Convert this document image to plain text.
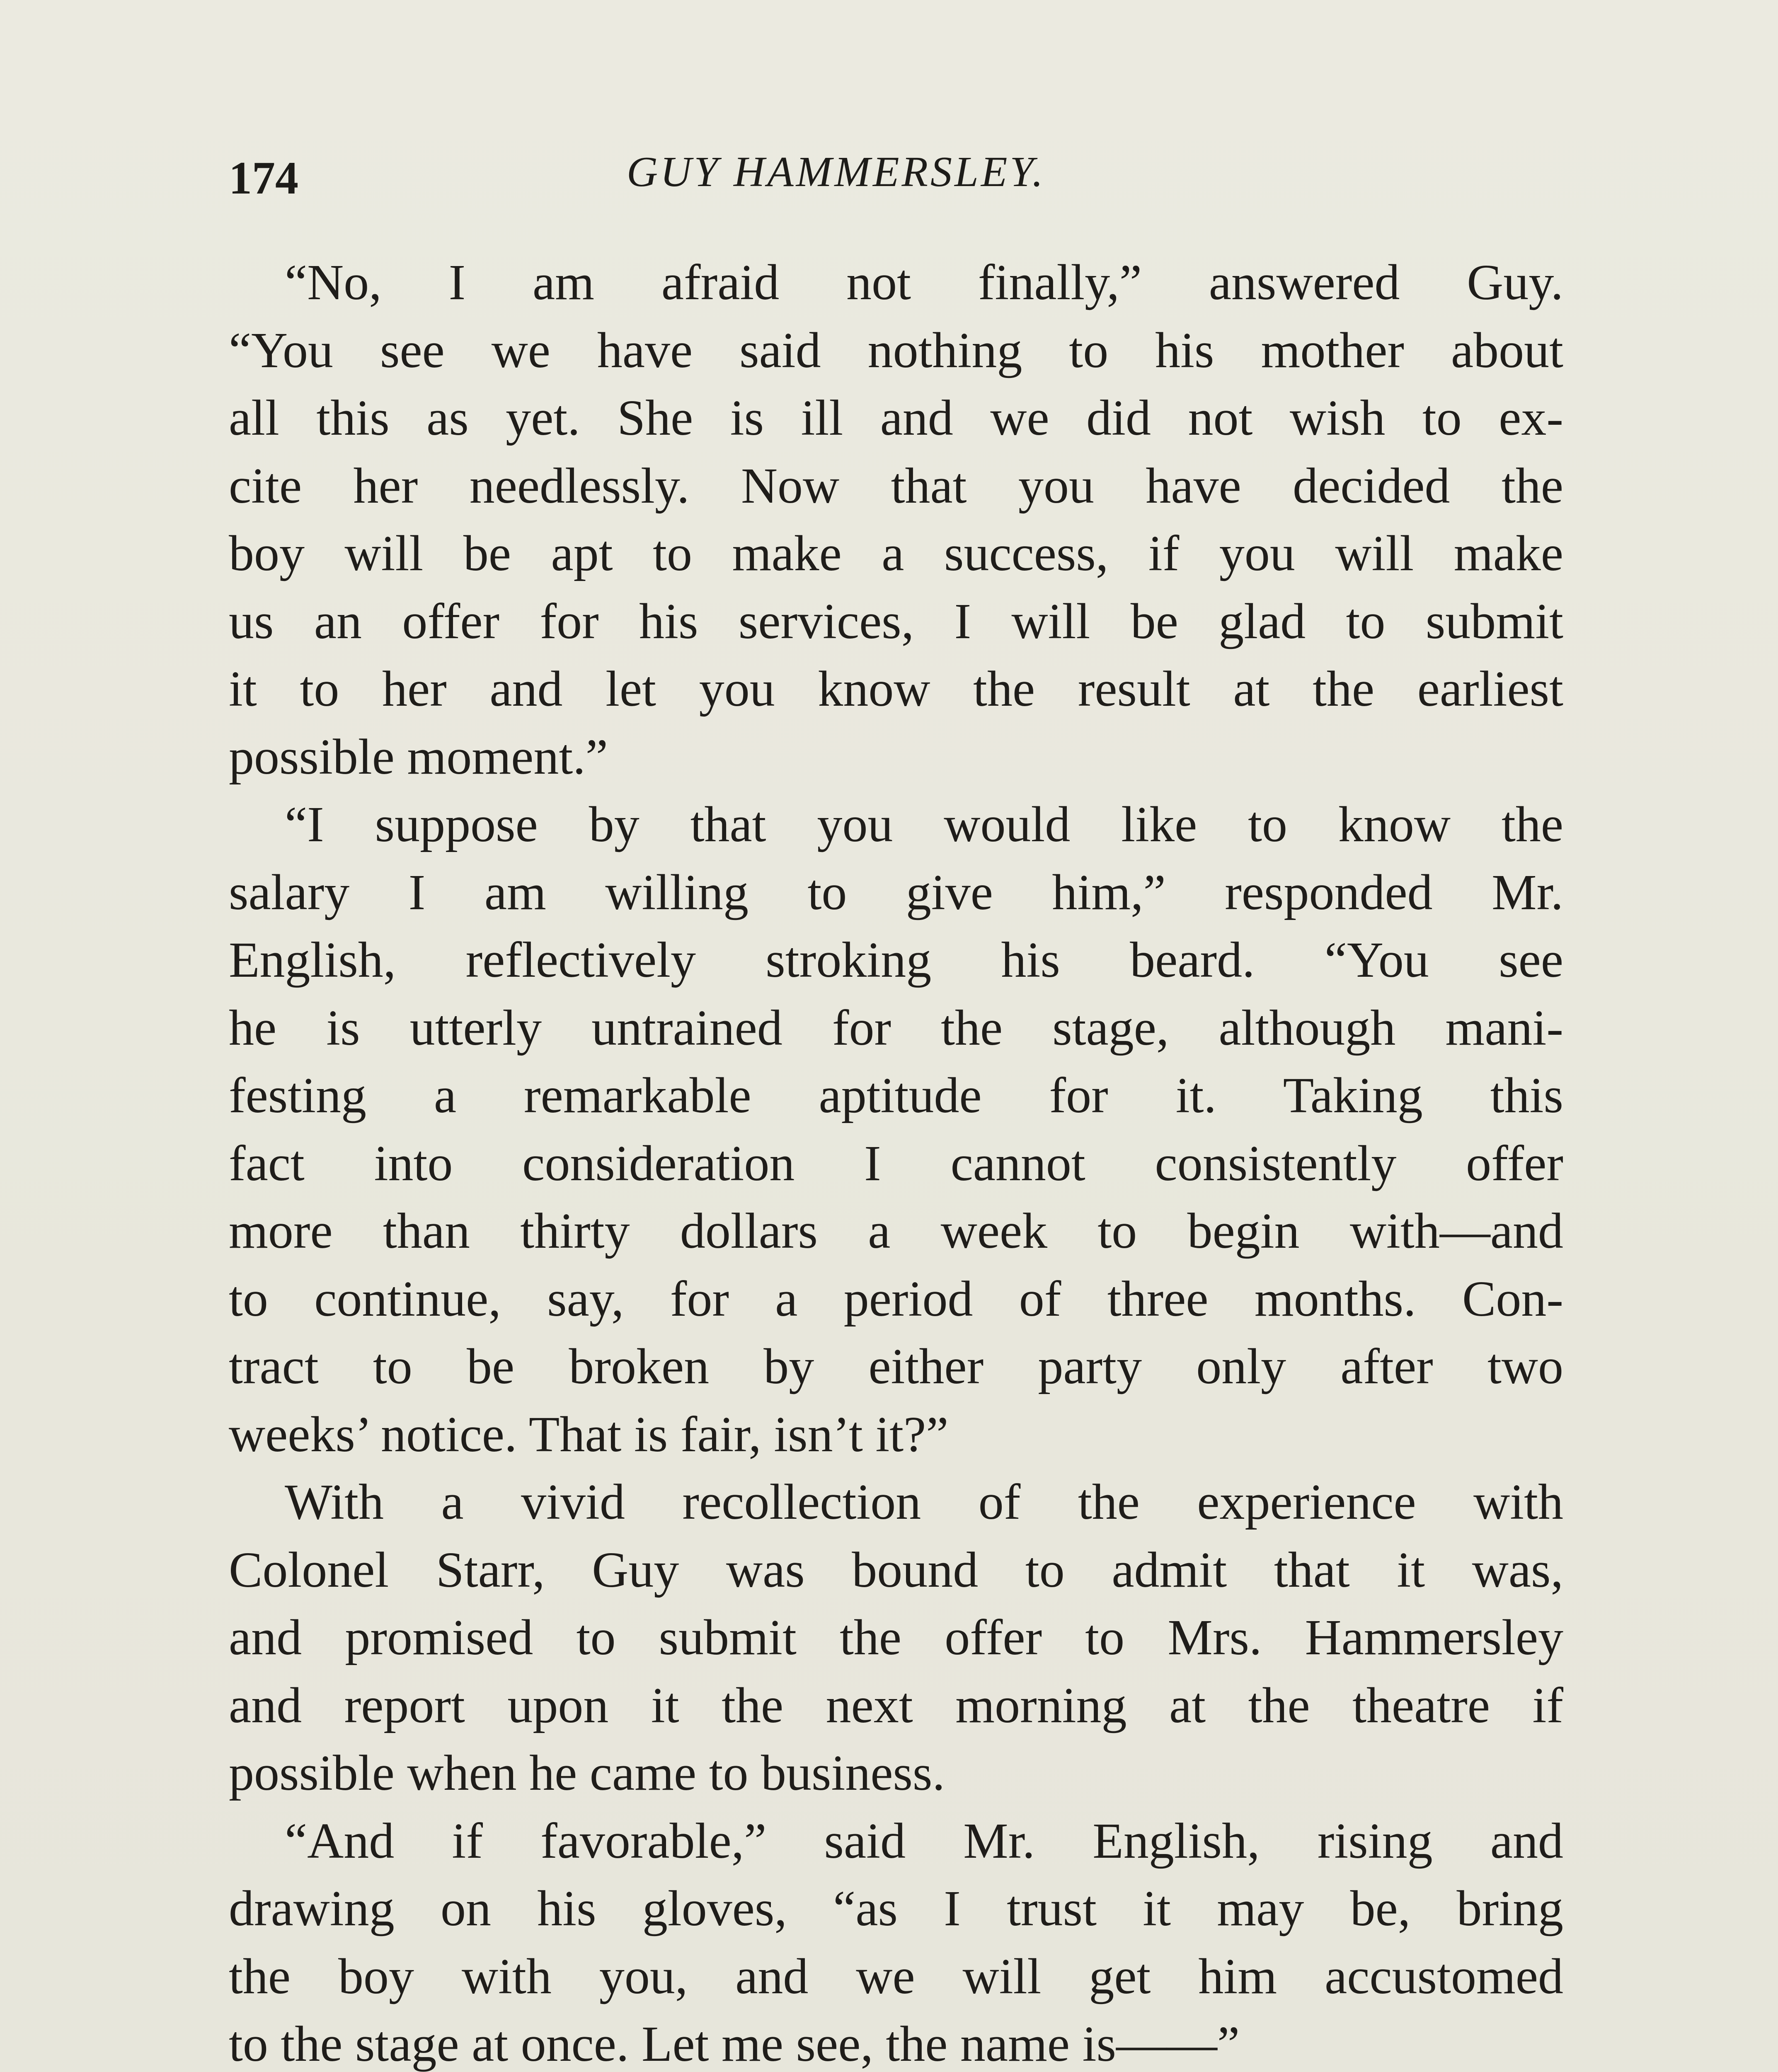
174	GUY HAMMERSLEY.
“No, I am afraid not finally,” answered Guy.
“You see we have said nothing to his mother about
all this as yet. She is ill and we did not wish to ex-
cite her needlessly. Now that you have decided the
boy will be apt to make a success, if you will make
us an offer for his services, I will be glad to submit
it to her and let you know the result at the earliest
possible moment.”
“I suppose by that you would like to know the
salary I am willing to give him,” responded Mr.
English, reflectively stroking his beard. “You see
he is utterly untrained for the stage, although mani-
festing a remarkable aptitude for it. Taking this
fact into consideration I cannot consistently offer
more than thirty dollars a week to begin with—and
to continue, say, for a period of three months. Con-
tract to be broken by either party only after two
weeks’ notice. That is fair, isn’t it?”
With a vivid recollection of the experience with
Colonel Starr, Guy was bound to admit that it was,
and promised to submit the offer to Mrs. Hammersley
and report upon it the next morning at the theatre if
possible when he came to business.
“And if favorable,” said Mr. English, rising and
drawing on his gloves, “as I trust it may be, bring
the boy with you, and we will get him accustomed
to the stage at once. Let me see, the name is——”
